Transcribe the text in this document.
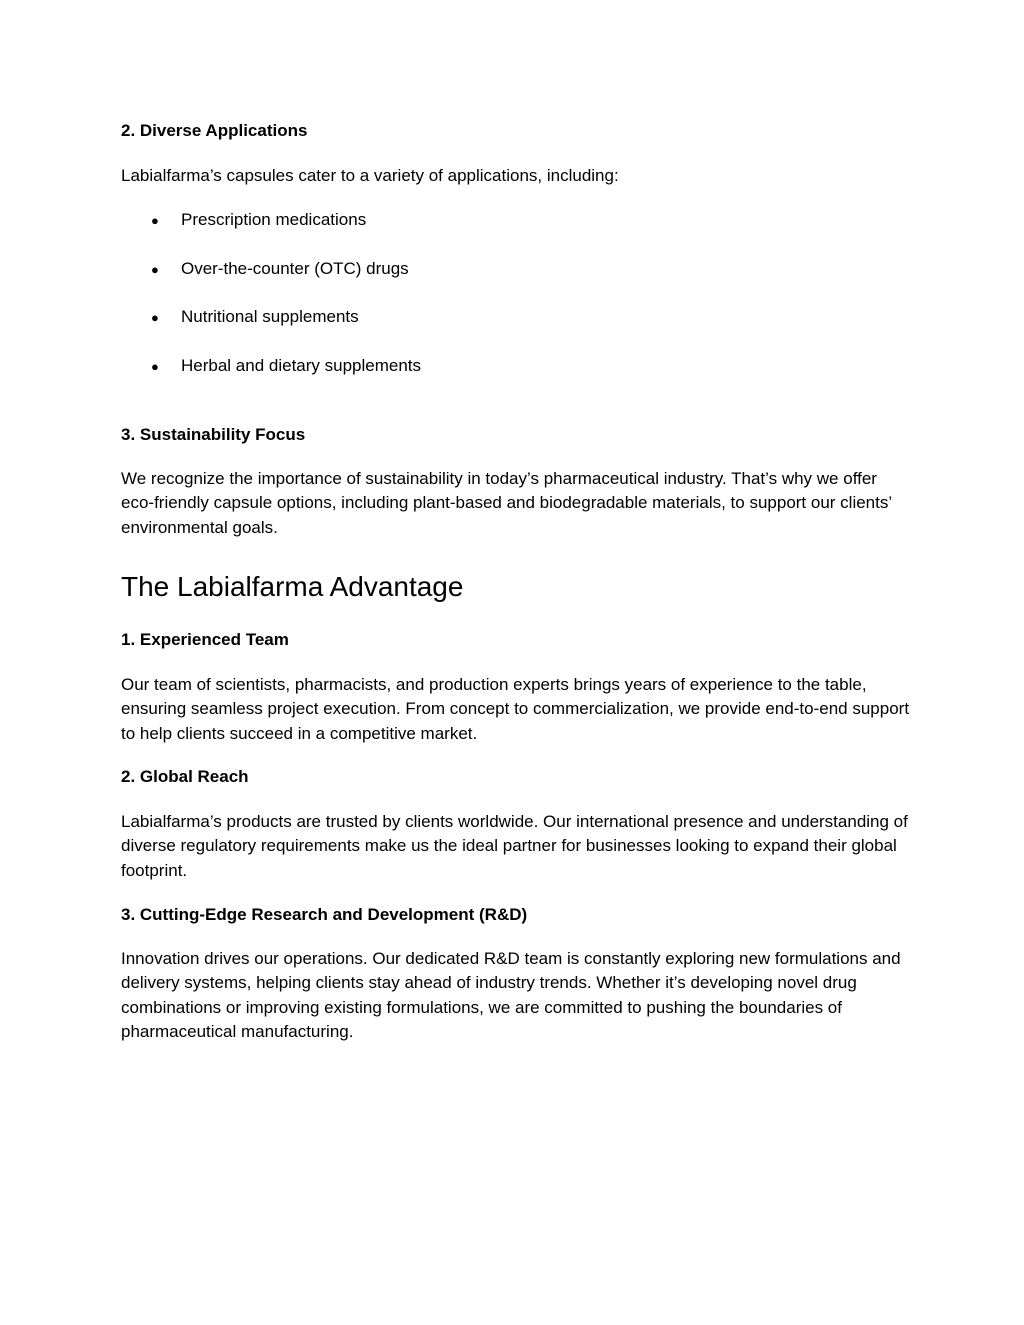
2. Diverse Applications
Labialfarma’s capsules cater to a variety of applications, including:
● Prescription medications
● Over-the-counter (OTC) drugs
● Nutritional supplements
● Herbal and dietary supplements
3. Sustainability Focus
We recognize the importance of sustainability in today’s pharmaceutical industry. That’s why we offer eco-friendly capsule options, including plant-based and biodegradable materials, to support our clients’ environmental goals.
The Labialfarma Advantage
1. Experienced Team
Our team of scientists, pharmacists, and production experts brings years of experience to the table, ensuring seamless project execution. From concept to commercialization, we provide end-to-end support to help clients succeed in a competitive market.
2. Global Reach
Labialfarma’s products are trusted by clients worldwide. Our international presence and understanding of diverse regulatory requirements make us the ideal partner for businesses looking to expand their global footprint.
3. Cutting-Edge Research and Development (R&D)
Innovation drives our operations. Our dedicated R&D team is constantly exploring new formulations and delivery systems, helping clients stay ahead of industry trends. Whether it’s developing novel drug combinations or improving existing formulations, we are committed to pushing the boundaries of pharmaceutical manufacturing.
